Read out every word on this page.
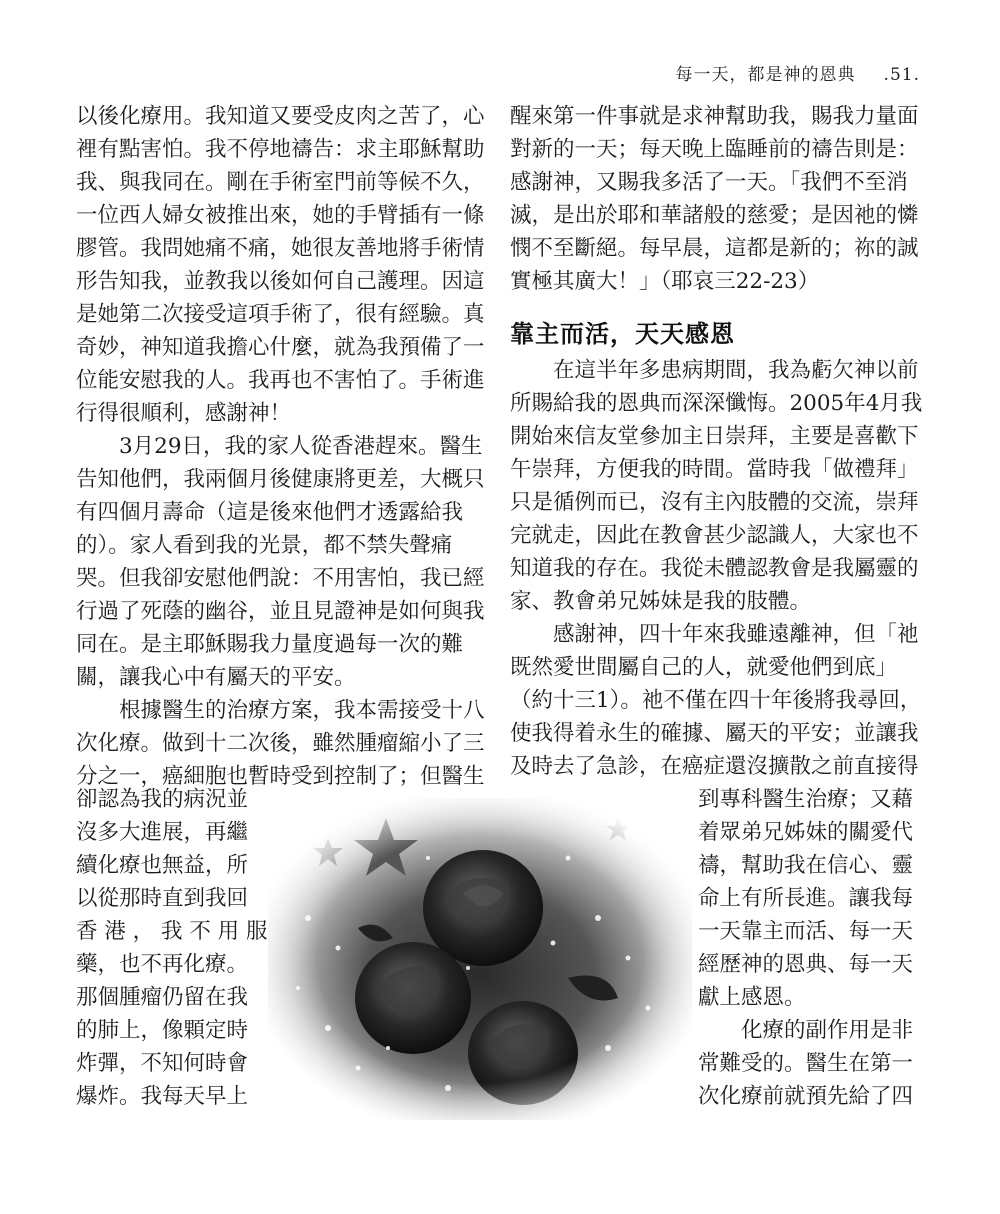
每一天，都是神的恩典 .51.
以後化療用。我知道又要受皮肉之苦了，心
裡有點害怕。我不停地禱告：求主耶穌幫助
我、與我同在。剛在手術室門前等候不久，
一位西人婦女被推出來，她的手臂插有一條
膠管。我問她痛不痛，她很友善地將手術情
形告知我，並教我以後如何自己護理。因這
是她第二次接受這項手術了，很有經驗。真
奇妙，神知道我擔心什麼，就為我預備了一
位能安慰我的人。我再也不害怕了。手術進
行得很順利，感謝神！
　　3月29日，我的家人從香港趕來。醫生
告知他們，我兩個月後健康將更差，大概只
有四個月壽命（這是後來他們才透露給我
的）。家人看到我的光景，都不禁失聲痛
哭。但我卻安慰他們說：不用害怕，我已經
行過了死蔭的幽谷，並且見證神是如何與我
同在。是主耶穌賜我力量度過每一次的難
關，讓我心中有屬天的平安。
　　根據醫生的治療方案，我本需接受十八
次化療。做到十二次後，雖然腫瘤縮小了三
分之一，癌細胞也暫時受到控制了；但醫生
卻認為我的病況並
沒多大進展，再繼
續化療也無益，所
以從那時直到我回
香 港 ， 我 不 用 服
藥，也不再化療。
那個腫瘤仍留在我
的肺上，像顆定時
炸彈，不知何時會
爆炸。我每天早上
醒來第一件事就是求神幫助我，賜我力量面
對新的一天；每天晚上臨睡前的禱告則是：
感謝神，又賜我多活了一天。「我們不至消
滅，是出於耶和華諸般的慈愛；是因祂的憐
憫不至斷絕。每早晨，這都是新的；祢的誠
實極其廣大！」（耶哀三22-23）
靠主而活，天天感恩
　　在這半年多患病期間，我為虧欠神以前
所賜給我的恩典而深深懺悔。2005年4月我
開始來信友堂參加主日崇拜，主要是喜歡下
午崇拜，方便我的時間。當時我「做禮拜」
只是循例而已，沒有主內肢體的交流，崇拜
完就走，因此在教會甚少認識人，大家也不
知道我的存在。我從未體認教會是我屬靈的
家、教會弟兄姊妹是我的肢體。
　　感謝神，四十年來我雖遠離神，但「祂
既然愛世間屬自己的人，就愛他們到底」
（約十三1）。祂不僅在四十年後將我尋回，
使我得着永生的確據、屬天的平安；並讓我
及時去了急診，在癌症還沒擴散之前直接得
到專科醫生治療；又藉
着眾弟兄姊妹的關愛代
禱，幫助我在信心、靈
命上有所長進。讓我每
一天靠主而活、每一天
經歷神的恩典、每一天
獻上感恩。
　　化療的副作用是非
常難受的。醫生在第一
次化療前就預先給了四
